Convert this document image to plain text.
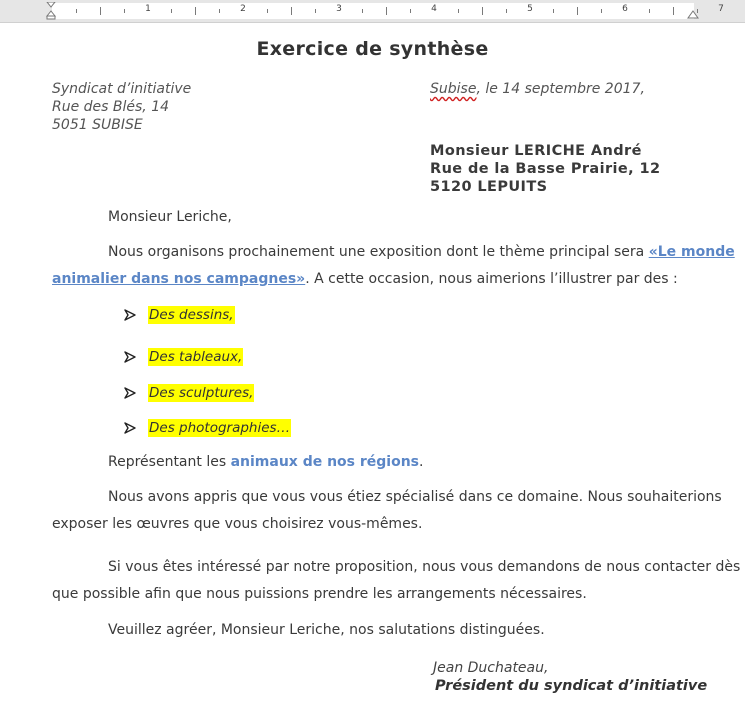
1	2	3	4	5	6	7
Exercice de synthèse
Syndicat d’initiative
Rue des Blés, 14
5051 SUBISE
Subise, le 14 septembre 2017,
Monsieur LERICHE André
Rue de la Basse Prairie, 12
5120 LEPUITS
Monsieur Leriche,
Nous organisons prochainement une exposition dont le thème principal sera «Le monde
animalier dans nos campagnes». A cette occasion, nous aimerions l’illustrer par des :
Des dessins,
Des tableaux,
Des sculptures,
Des photographies…
Représentant les animaux de nos régions.
Nous avons appris que vous vous étiez spécialisé dans ce domaine. Nous souhaiterions
exposer les œuvres que vous choisirez vous-mêmes.
Si vous êtes intéressé par notre proposition, nous vous demandons de nous contacter dès
que possible afin que nous puissions prendre les arrangements nécessaires.
Veuillez agréer, Monsieur Leriche, nos salutations distinguées.
Jean Duchateau,
Président du syndicat d’initiative
